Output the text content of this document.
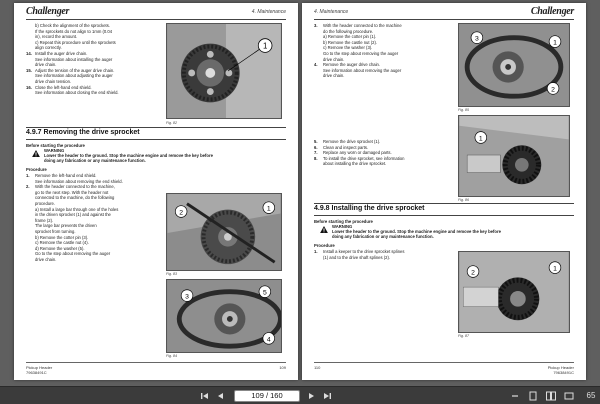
Challenger	4. Maintenance
b) Check the alignment of the sprockets.
If the sprockets do not align to 1mm (0.04
in), record the amount.
c) Repeat this procedure until the sprockets
align correctly.
14. Install the auger drive chain.
See information about installing the auger
drive chain.
15. Adjust the tension of the auger drive chain.
See information about adjusting the auger
drive chain tension.
16. Close the left-hand end shield.
See information about closing the end shield.
1
Fig. 82
4.9.7 Removing the drive sprocket
Before starting the procedure
WARNING
Lower the header to the ground. Stop the machine engine and remove the key before
doing any fabrication or any maintenance function.
Procedure
1. Remove the left-hand end shield.
See information about removing the end shield.
2. With the header connected to the machine,
go to the next step. With the header not
connected to the machine, do the following
procedure.
a) Install a large bar through one of the holes
in the driven sprocket (1) and against the
frame (2).
The large bar prevents the driven
sprocket from turning.
b) Remove the cotter pin (3).
c) Remove the castle nut (4).
d) Remove the washer (5).
Go to the step about removing the auger
drive chain.
2
1
Fig. 83
3
5
4
Fig. 84
Pickup Header
79638491C
109
4. Maintenance	Challenger
3. With the header connected to the machine
do the following procedure.
a) Remove the cotter pin (1).
b) Remove the castle nut (2).
c) Remove the washer (3).
Go to the step about removing the auger
drive chain.
4. Remove the auger drive chain.
See information about removing the auger
drive chain.
5. Remove the drive sprocket (1).
6. Clean and inspect parts.
7. Replace any worn or damaged parts.
8. To install the drive sprocket, see information
about installing the drive sprocket.
3
1
2
Fig. 85
1
Fig. 86
4.9.8 Installing the drive sprocket
Before starting the procedure
WARNING
Lower the header to the ground. Stop the machine engine and remove the key before
doing any fabrication or any maintenance function.
Procedure
1. Install a keeper to the drive sprocket splines
(1) and to the drive shaft splines (2).
1
2
Fig. 87
110	Pickup Header
79638491C
109 / 160	65
